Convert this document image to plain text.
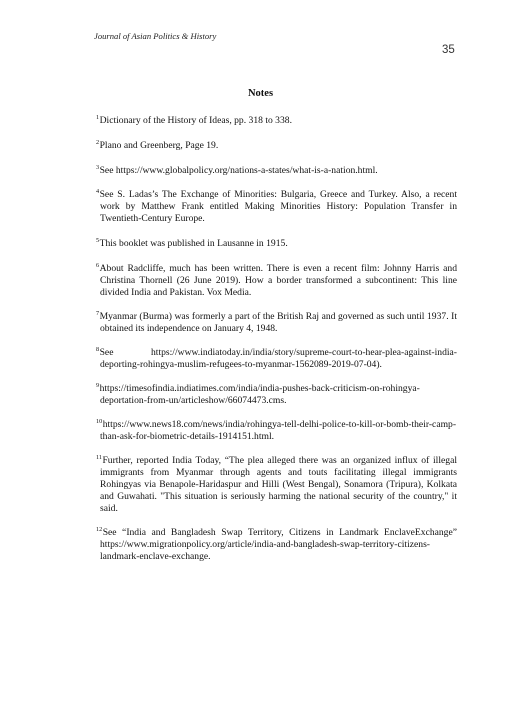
Journal of Asian Politics & History
35
Notes
$^1$Dictionary of the History of Ideas, pp. 318 to 338.
$^2$Plano and Greenberg, Page 19.
$^3$See https://www.globalpolicy.org/nations-a-states/what-is-a-nation.html.
$^4$See S. Ladas’s The Exchange of Minorities: Bulgaria, Greece and Turkey. Also, a recent work by Matthew Frank entitled Making Minorities History: Population Transfer in Twentieth-Century Europe.
$^5$This booklet was published in Lausanne in 1915.
$^6$About Radcliffe, much has been written. There is even a recent film: Johnny Harris and Christina Thornell (26 June 2019). How a border transformed a subcontinent: This line divided India and Pakistan. Vox Media.
$^7$Myanmar (Burma) was formerly a part of the British Raj and governed as such until 1937. It obtained its independence on January 4, 1948.
$^8$See https://www.indiatoday.in/india/story/supreme-court-to-hear-plea-against-india-deporting-rohingya-muslim-refugees-to-myanmar-1562089-2019-07-04).
$^9$https://timesofindia.indiatimes.com/india/india-pushes-back-criticism-on-rohingya-deportation-from-un/articleshow/66074473.cms.
$^{10}$https://www.news18.com/news/india/rohingya-tell-delhi-police-to-kill-or-bomb-their-camp- than-ask-for-biometric-details-1914151.html.
$^{11}$Further, reported India Today, “The plea alleged there was an organized influx of illegal immigrants from Myanmar through agents and touts facilitating illegal immigrants Rohingyas via Benapole-Haridaspur and Hilli (West Bengal), Sonamora (Tripura), Kolkata and Guwahati. "This situation is seriously harming the national security of the country," it said.
$^{12}$See “India and Bangladesh Swap Territory, Citizens in Landmark EnclaveExchange” https://www.migrationpolicy.org/article/india-and-bangladesh-swap-territory-citizens- landmark-enclave-exchange.
